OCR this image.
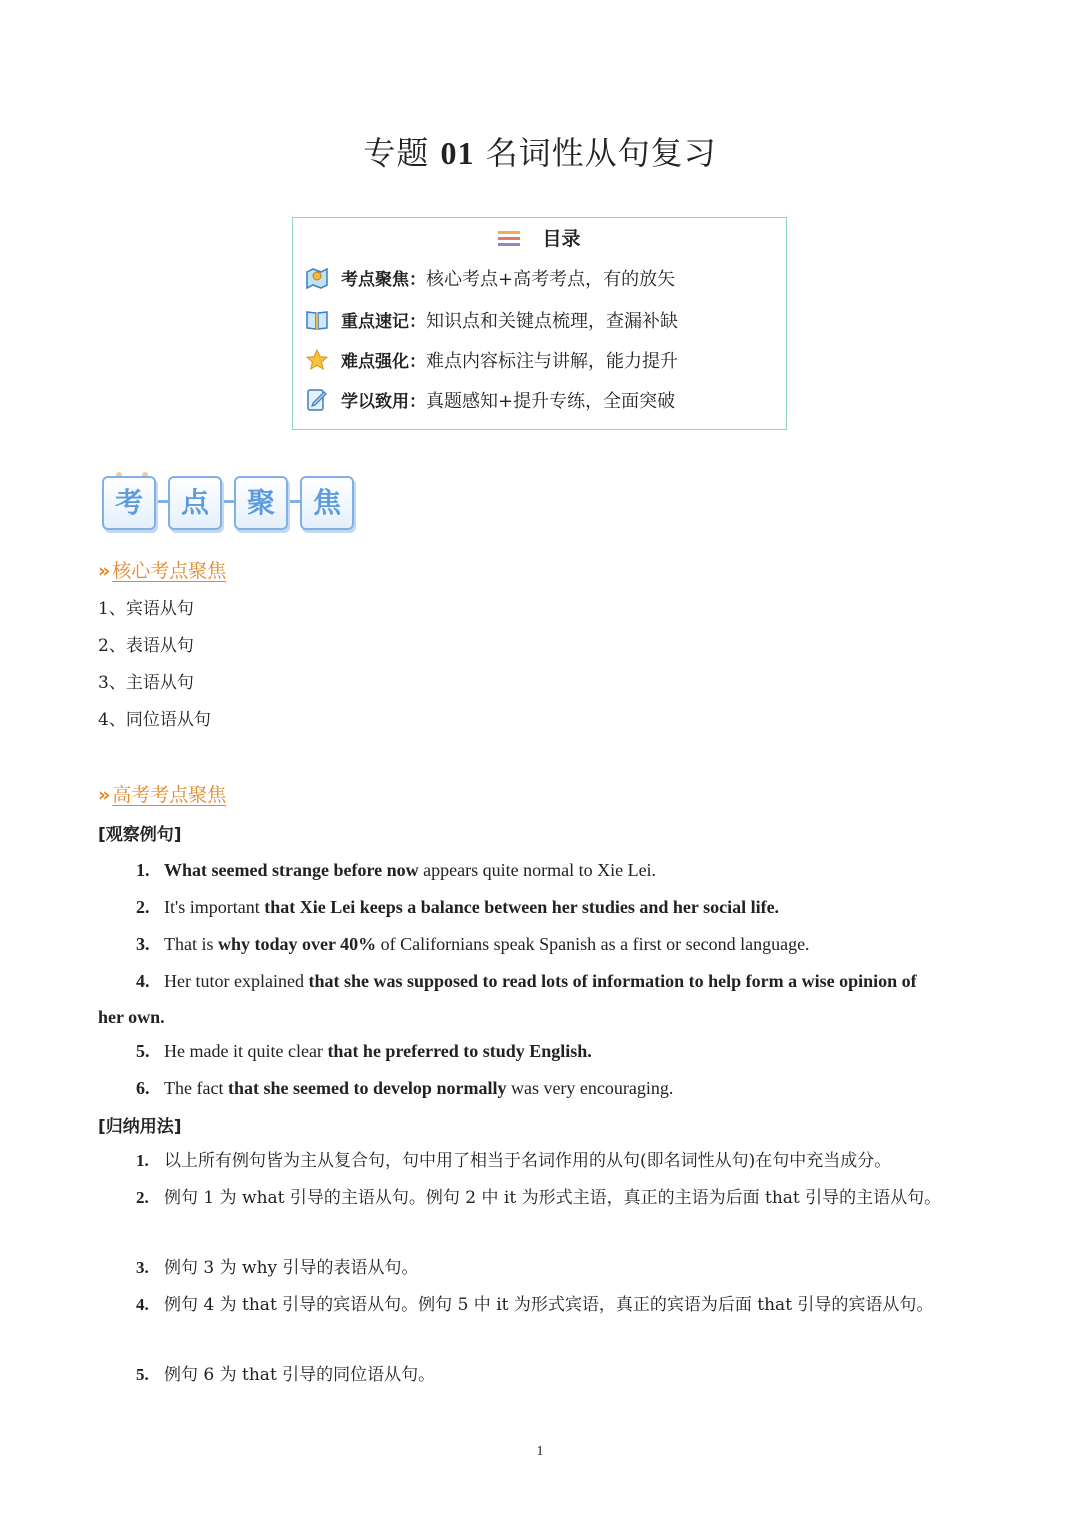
专题 01 名词性从句复习
目录
考点聚焦：核心考点+高考考点，有的放矢
重点速记：知识点和关键点梳理，查漏补缺
难点强化：难点内容标注与讲解，能力提升
学以致用：真题感知+提升专练，全面突破
考	点	聚	焦
» 核心考点聚焦
1、宾语从句
2、表语从句
3、主语从句
4、同位语从句
» 高考考点聚焦
[观察例句]
1. What seemed strange before now appears quite normal to Xie Lei.
2. It's important that Xie Lei keeps a balance between her studies and her social life.
3. That is why today over 40% of Californians speak Spanish as a first or second language.
4. Her tutor explained that she was supposed to read lots of information to help form a wise opinion of
her own.
5. He made it quite clear that he preferred to study English.
6. The fact that she seemed to develop normally was very encouraging.
[归纳用法]
1. 以上所有例句皆为主从复合句，句中用了相当于名词作用的从句(即名词性从句)在句中充当成分。
2. 例句 1 为 what 引导的主语从句。例句 2 中 it 为形式主语，真正的主语为后面 that 引导的主语从句。
3. 例句 3 为 why 引导的表语从句。
4. 例句 4 为 that 引导的宾语从句。例句 5 中 it 为形式宾语，真正的宾语为后面 that 引导的宾语从句。
5. 例句 6 为 that 引导的同位语从句。
1
